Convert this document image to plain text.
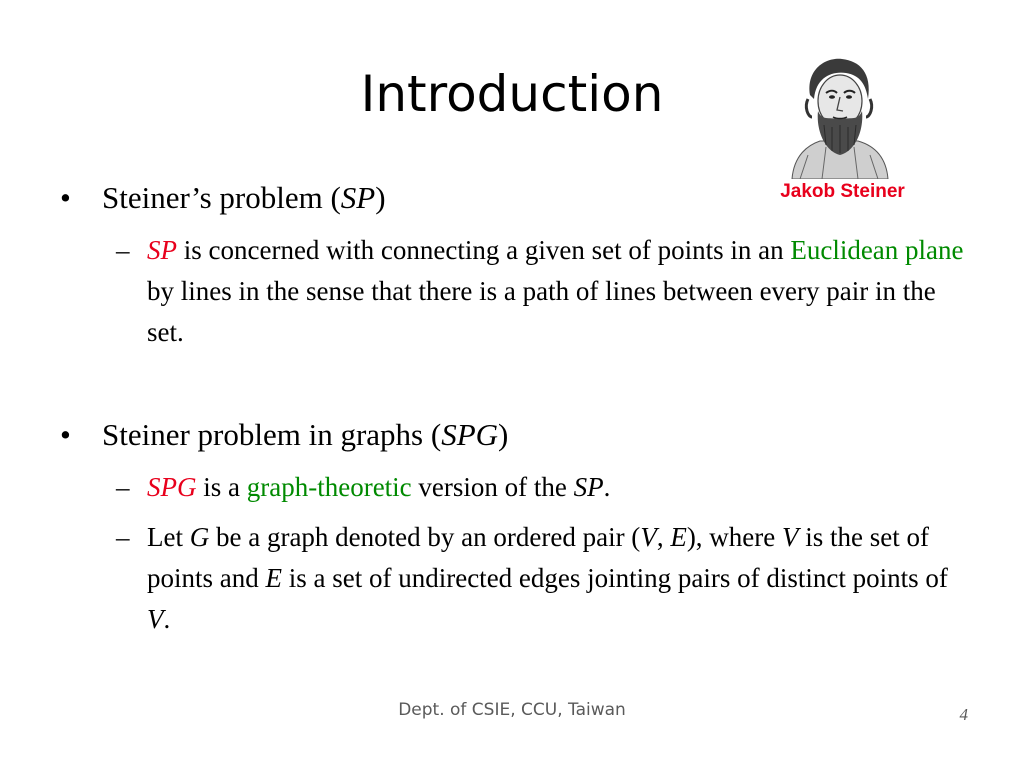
Introduction
Jakob Steiner
• Steiner’s problem (SP)
– SP is concerned with connecting a given set of points in an Euclidean plane by lines in the sense that there is a path of lines between every pair in the set.
• Steiner problem in graphs (SPG)
– SPG is a graph-theoretic version of the SP.
– Let G be a graph denoted by an ordered pair (V, E), where V is the set of points and E is a set of undirected edges jointing pairs of distinct points of V.
Dept. of CSIE, CCU, Taiwan	4
